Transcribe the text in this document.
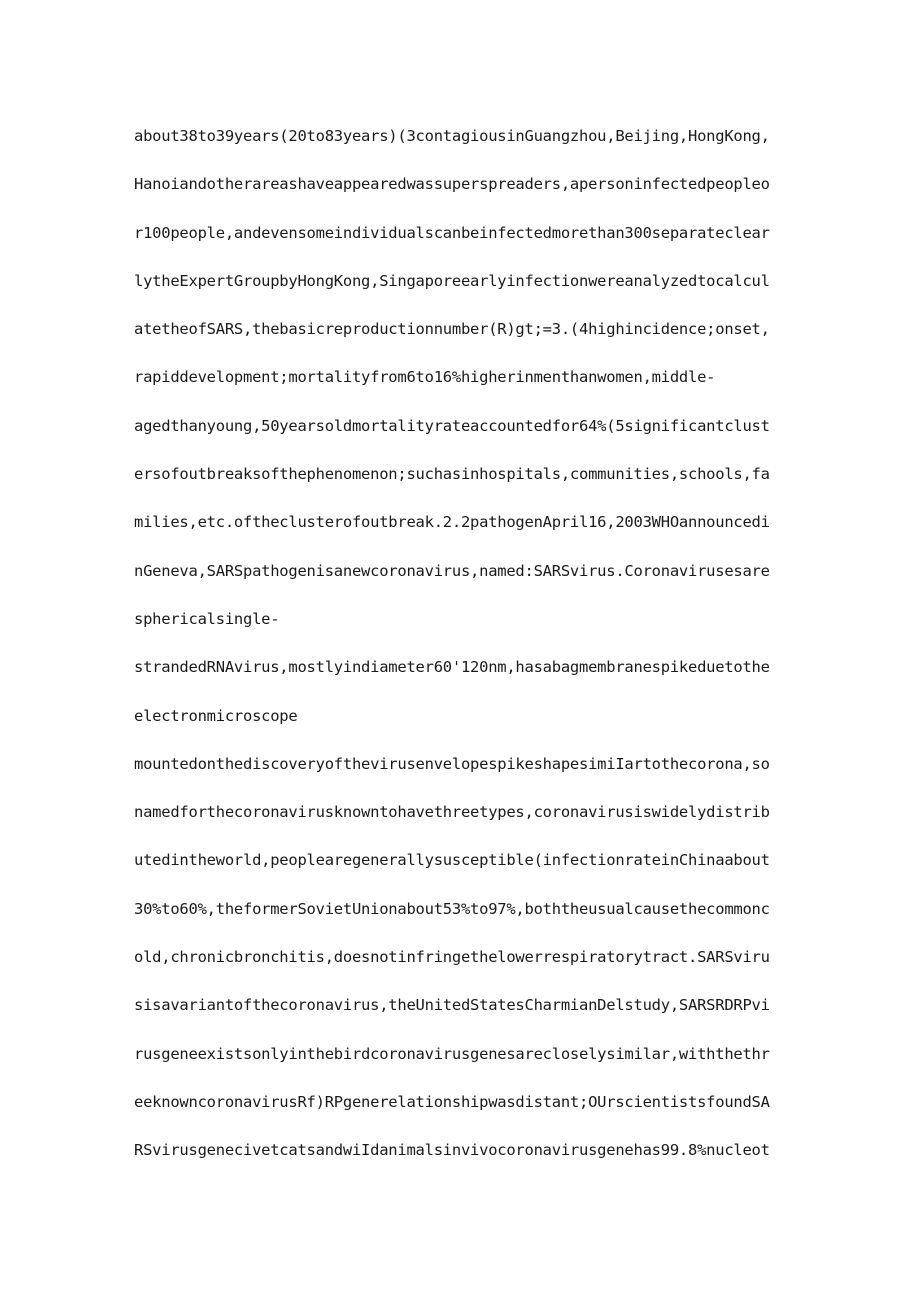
about38to39years(20to83years)(3contagiousinGuangzhou,Beijing,HongKong,
Hanoiandotherareashaveappearedwassuperspreaders,apersoninfectedpeopleo
r100people,andevensomeindividualscanbeinfectedmorethan300separateclear
lytheExpertGroupbyHongKong,Singaporeearlyinfectionwereanalyzedtocalcul
atetheofSARS,thebasicreproductionnumber(R)gt;=3.(4highincidence;onset,
rapiddevelopment;mortalityfrom6to16%higherinmenthanwomen,middle-
agedthanyoung,50yearsoldmortalityrateaccountedfor64%(5significantclust
ersofoutbreaksofthephenomenon;suchasinhospitals,communities,schools,fa
milies,etc.oftheclusterofoutbreak.2.2pathogenApril16,2003WHOannouncedi
nGeneva,SARSpathogenisanewcoronavirus,named:SARSvirus.Coronavirusesare
sphericalsingle-
strandedRNAvirus,mostlyindiameter60'120nm,hasabagmembranespikeduetothe
electronmicroscope
mountedonthediscoveryofthevirusenvelopespikeshapesimiIartothecorona,so
namedforthecoronavirusknowntohavethreetypes,coronavirusiswidelydistrib
utedintheworld,peoplearegenerallysusceptible(infectionrateinChinaabout
30%to60%,theformerSovietUnionabout53%to97%,boththeusualcausethecommonc
old,chronicbronchitis,doesnotinfringethelowerrespiratorytract.SARSviru
sisavariantofthecoronavirus,theUnitedStatesCharmianDelstudy,SARSRDRPvi
rusgeneexistsonlyinthebirdcoronavirusgenesarecloselysimilar,withthethr
eeknowncoronavirusRf)RPgenerelationshipwasdistant;OUrscientistsfoundSA
RSvirusgenecivetcatsandwiIdanimalsinvivocoronavirusgenehas99.8%nucleot
